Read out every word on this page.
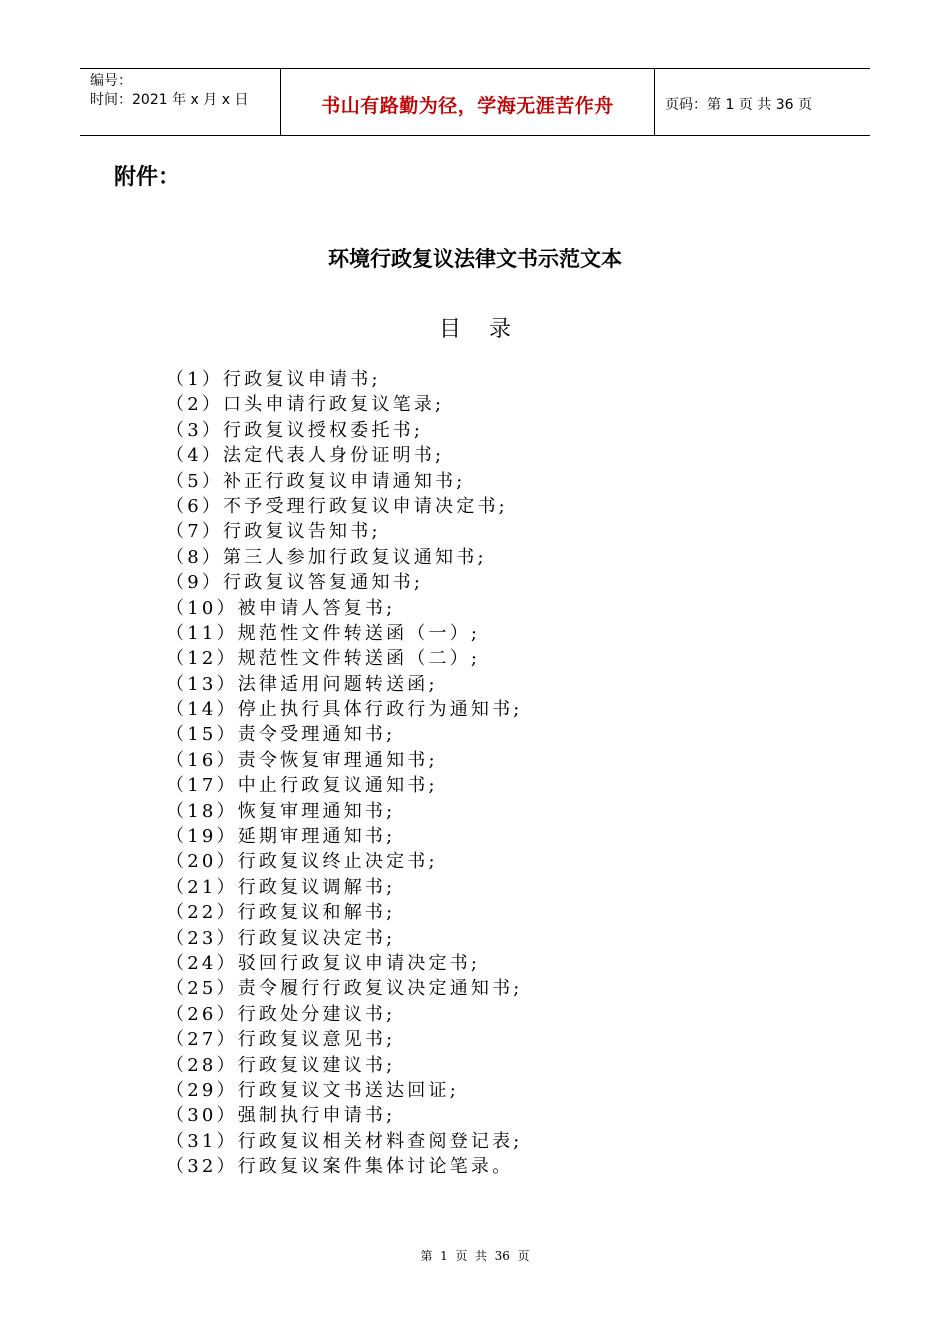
编号：
时间：2021 年 x 月 x 日	书山有路勤为径，学海无涯苦作舟	页码：第 1 页 共 36 页
附件：
环境行政复议法律文书示范文本
目    录
（1）行政复议申请书;
（2）口头申请行政复议笔录;
（3）行政复议授权委托书;
（4）法定代表人身份证明书;
（5）补正行政复议申请通知书;
（6）不予受理行政复议申请决定书;
（7）行政复议告知书;
（8）第三人参加行政复议通知书;
（9）行政复议答复通知书;
（10）被申请人答复书;
（11）规范性文件转送函（一）;
（12）规范性文件转送函（二）;
（13）法律适用问题转送函;
（14）停止执行具体行政行为通知书;
（15）责令受理通知书;
（16）责令恢复审理通知书;
（17）中止行政复议通知书;
（18）恢复审理通知书;
（19）延期审理通知书;
（20）行政复议终止决定书;
（21）行政复议调解书;
（22）行政复议和解书;
（23）行政复议决定书;
（24）驳回行政复议申请决定书;
（25）责令履行行政复议决定通知书;
（26）行政处分建议书;
（27）行政复议意见书;
（28）行政复议建议书;
（29）行政复议文书送达回证;
（30）强制执行申请书;
（31）行政复议相关材料查阅登记表;
（32）行政复议案件集体讨论笔录。
第  1  页  共  36  页
